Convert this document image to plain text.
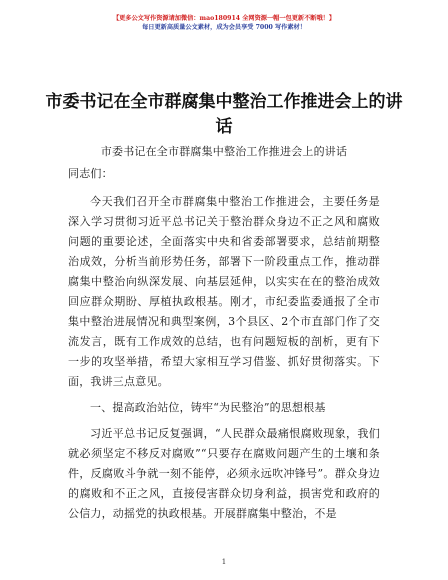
【更多公文写作资源请加微信：mao180914 全网资源一帽一包更新不断哦！】
每日更新高质量公文素材，成为会员享受 7000 写作素材！
市委书记在全市群腐集中整治工作推进会上的讲话

市委书记在全市群腐集中整治工作推进会上的讲话

同志们：

今天我们召开全市群腐集中整治工作推进会，主要任务是深入学习贯彻习近平总书记关于整治群众身边不正之风和腐败问题的重要论述，全面落实中央和省委部署要求，总结前期整治成效，分析当前形势任务，部署下一阶段重点工作，推动群腐集中整治向纵深发展、向基层延伸，以实实在在的整治成效回应群众期盼、厚植执政根基。刚才，市纪委监委通报了全市集中整治进展情况和典型案例，3个县区、2个市直部门作了交流发言，既有工作成效的总结，也有问题短板的剖析，更有下一步的攻坚举措，希望大家相互学习借鉴、抓好贯彻落实。下面，我讲三点意见。

一、提高政治站位，铸牢“为民整治”的思想根基

习近平总书记反复强调，“人民群众最痛恨腐败现象，我们就必须坚定不移反对腐败”“只要存在腐败问题产生的土壤和条件，反腐败斗争就一刻不能停，必须永远吹冲锋号”。群众身边的腐败和不正之风，直接侵害群众切身利益，损害党和政府的公信力，动摇党的执政根基。开展群腐集中整治，不是

1
